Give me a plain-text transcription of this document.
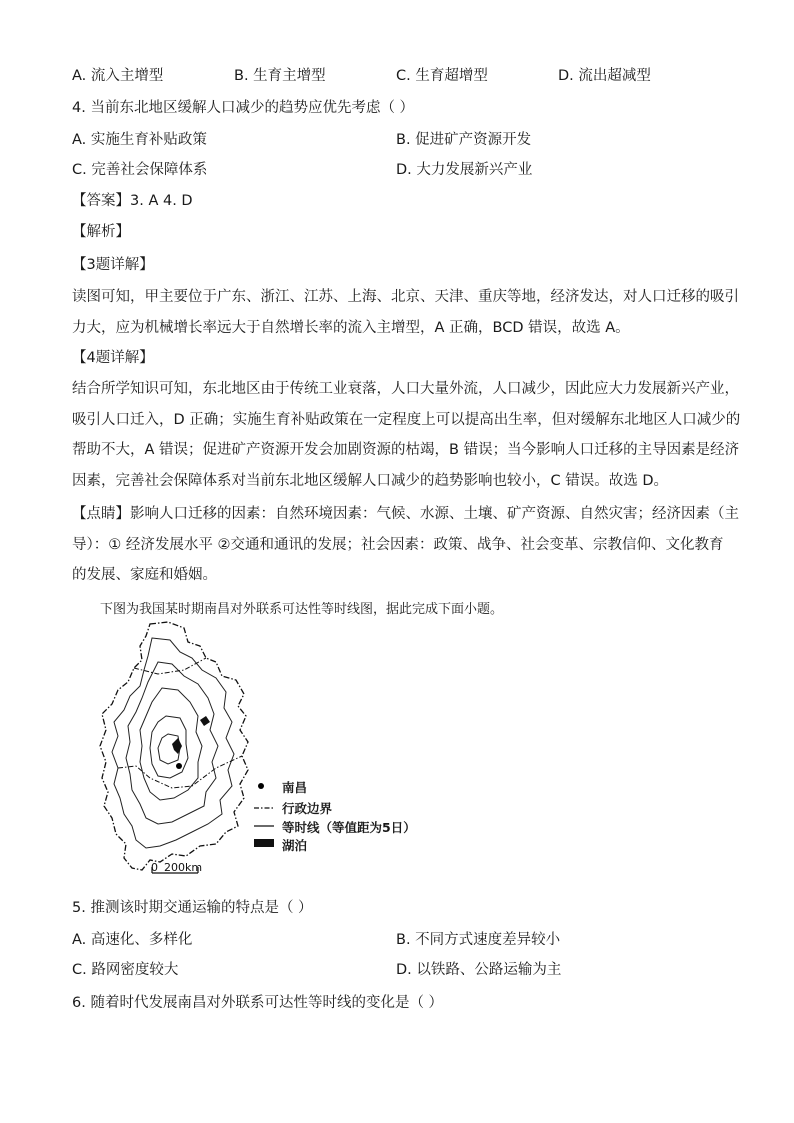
A. 流入主增型	B. 生育主增型	C. 生育超增型	D. 流出超减型
4. 当前东北地区缓解人口减少的趋势应优先考虑（ ）
A. 实施生育补贴政策	B. 促进矿产资源开发
C. 完善社会保障体系	D. 大力发展新兴产业
【答案】3. A 4. D
【解析】
【3题详解】
读图可知，甲主要位于广东、浙江、江苏、上海、北京、天津、重庆等地，经济发达，对人口迁移的吸引
力大，应为机械增长率远大于自然增长率的流入主增型，A 正确，BCD 错误，故选 A。
【4题详解】
结合所学知识可知，东北地区由于传统工业衰落，人口大量外流，人口减少，因此应大力发展新兴产业，
吸引人口迁入，D 正确；实施生育补贴政策在一定程度上可以提高出生率，但对缓解东北地区人口减少的
帮助不大，A 错误；促进矿产资源开发会加剧资源的枯竭，B 错误；当今影响人口迁移的主导因素是经济
因素，完善社会保障体系对当前东北地区缓解人口减少的趋势影响也较小，C 错误。故选 D。
【点睛】影响人口迁移的因素：自然环境因素：气候、水源、土壤、矿产资源、自然灾害；经济因素（主
导）：① 经济发展水平 ②交通和通讯的发展；社会因素：政策、战争、社会变革、宗教信仰、文化教育
的发展、家庭和婚姻。
下图为我国某时期南昌对外联系可达性等时线图，据此完成下面小题。
0 200km
南昌
行政边界
等时线（等值距为5日）
湖泊
5. 推测该时期交通运输的特点是（ ）
A. 高速化、多样化	B. 不同方式速度差异较小
C. 路网密度较大	D. 以铁路、公路运输为主
6. 随着时代发展南昌对外联系可达性等时线的变化是（ ）
